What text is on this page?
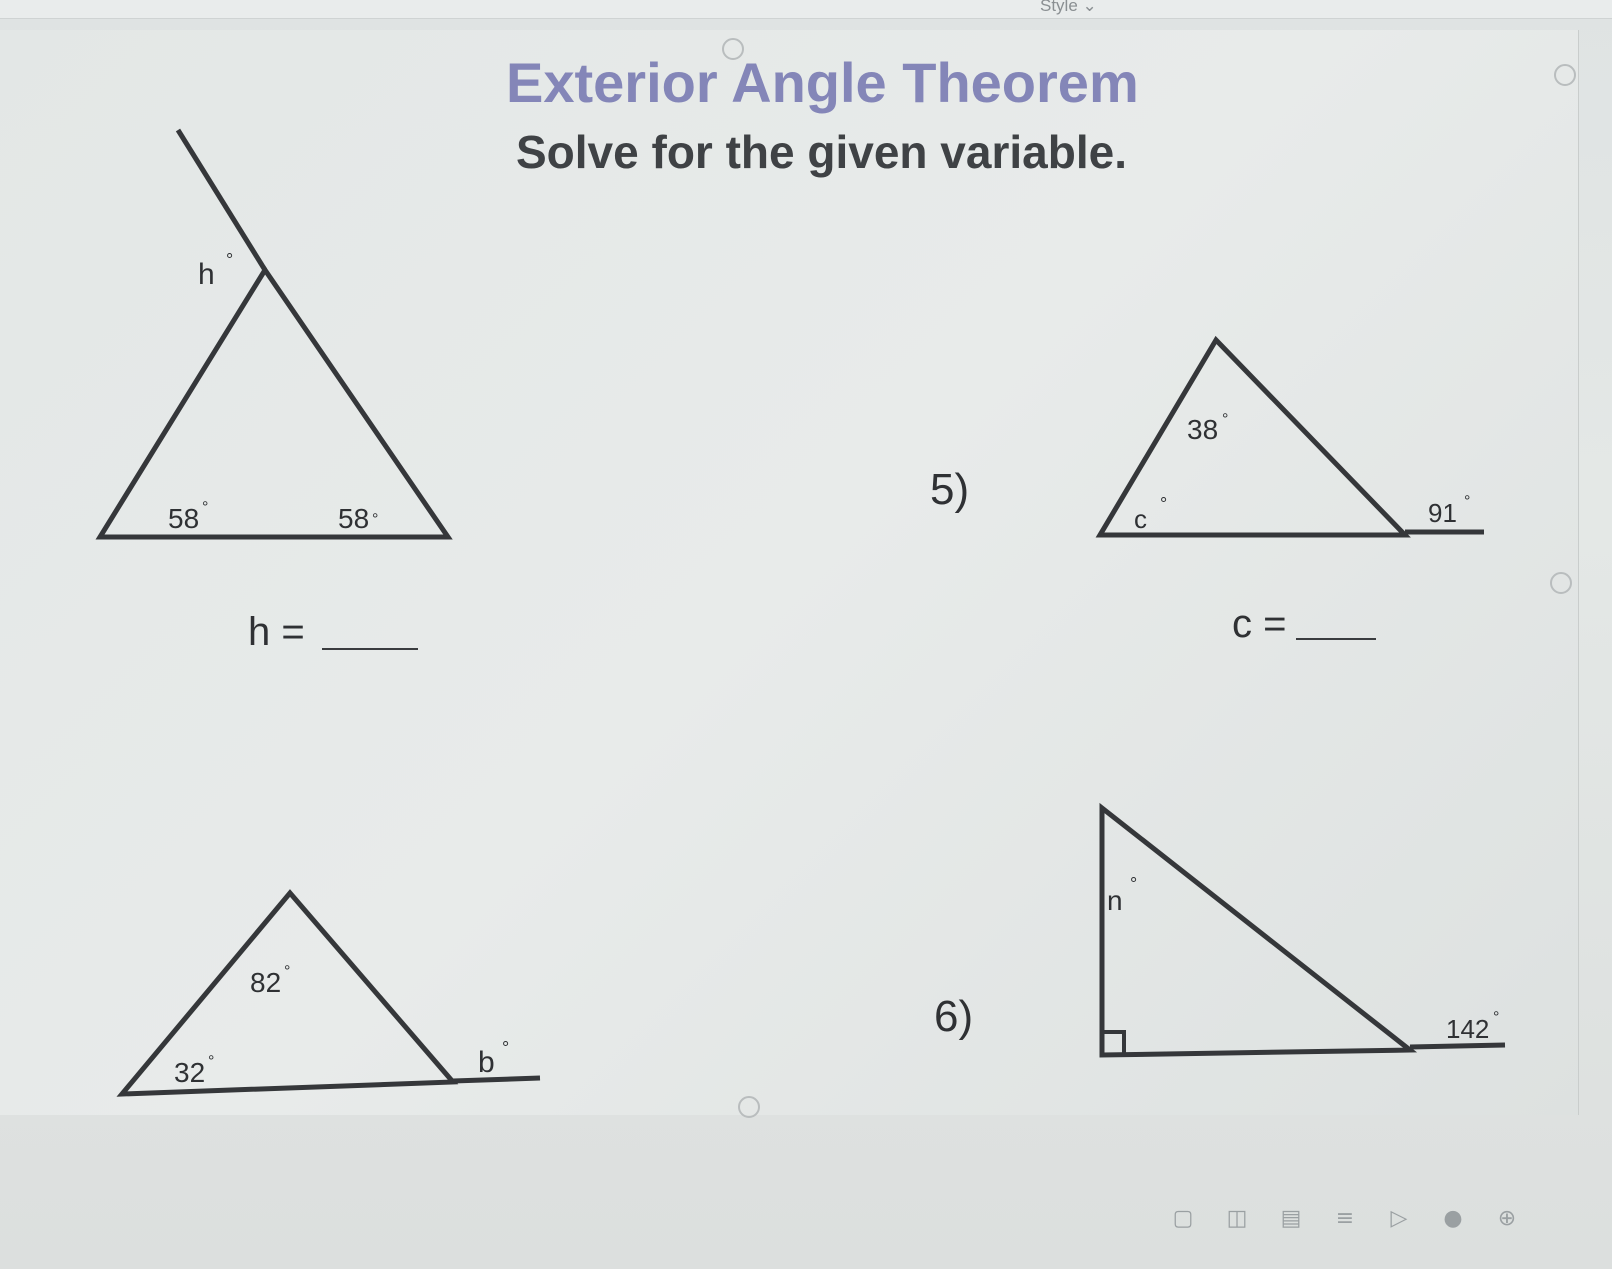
Style ⌄
Exterior Angle Theorem
Solve for the given variable.
h °
58 °	58 °
38 °
c °	91 °
82 °
32 °	b °
n
°
142 °
h =	c =
5)
6)
▢ ◫ ▤ ≡ ▷ ● ⊕
